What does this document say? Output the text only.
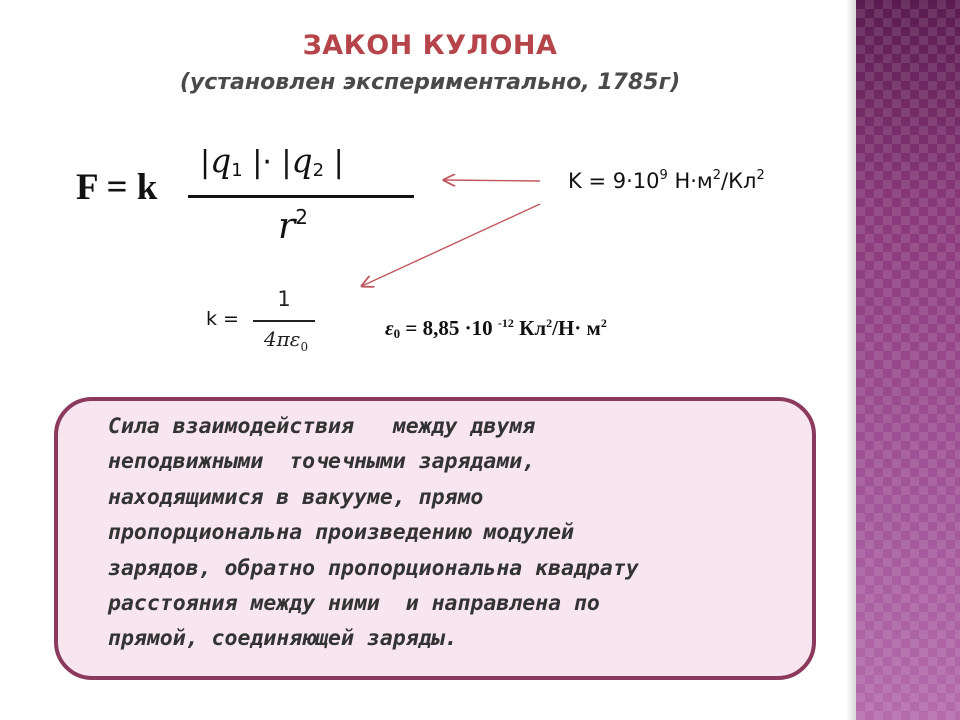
ЗАКОН КУЛОНА
(установлен экспериментально, 1785г)
F = k
$|q_1$ |· $|q_2$ |
$r^2$
$K = 9\cdot 10^9$ $Н\cdot м^2/Кл^2$
k =
1
$4\pi\varepsilon_0$
$\varepsilon_0 = 8,85 \cdot 10$ $^{-12}$ $Кл^2/Н\cdot м^2$
Сила взаимодействия   между двумя
неподвижными  точечными зарядами,
находящимися в вакууме, прямо
пропорциональна произведению модулей
зарядов, обратно пропорциональна квадрату
расстояния между ними  и направлена по
прямой, соединяющей заряды.
